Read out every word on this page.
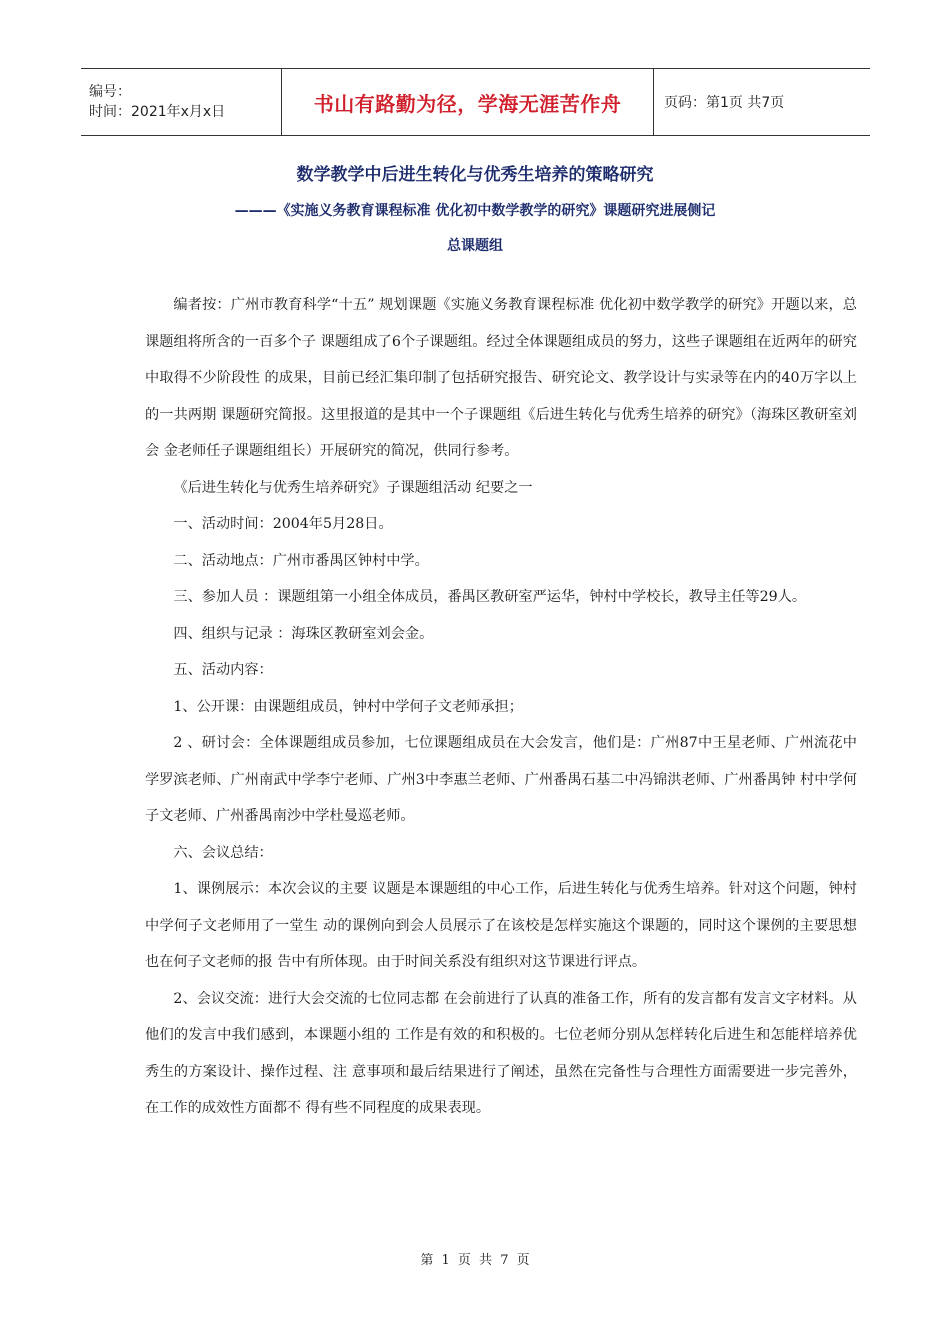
编号：
时间：2021年x月x日	书山有路勤为径，学海无涯苦作舟	页码：第1页 共7页
数学教学中后进生转化与优秀生培养的策略研究
———《实施义务教育课程标准 优化初中数学教学的研究》课题研究进展侧记
总课题组

编者按：广州市教育科学“十五” 规划课题《实施义务教育课程标准 优化初中数学教学的研究》开题以来，总课题组将所含的一百多个子 课题组成了6个子课题组。经过全体课题组成员的努力，这些子课题组在近两年的研究中取得不少阶段性 的成果，目前已经汇集印制了包括研究报告、研究论文、教学设计与实录等在内的40万字以上的一共两期 课题研究简报。这里报道的是其中一个子课题组《后进生转化与优秀生培养的研究》（海珠区教研室刘会 金老师任子课题组组长）开展研究的简况，供同行参考。

《后进生转化与优秀生培养研究》子课题组活动 纪要之一

一、活动时间：2004年5月28日。

二、活动地点：广州市番禺区钟村中学。

三、参加人员 ：课题组第一小组全体成员，番禺区教研室严运华，钟村中学校长，教导主任等29人。

四、组织与记录 ：海珠区教研室刘会金。

五、活动内容：

1、公开课：由课题组成员，钟村中学何子文老师承担；

2 、研讨会：全体课题组成员参加，七位课题组成员在大会发言，他们是：广州87中王星老师、广州流花中 学罗滨老师、广州南武中学李宁老师、广州3中李惠兰老师、广州番禺石基二中冯锦洪老师、广州番禺钟 村中学何子文老师、广州番禺南沙中学杜曼巡老师。

六、会议总结：

1、课例展示：本次会议的主要 议题是本课题组的中心工作，后进生转化与优秀生培养。针对这个问题，钟村中学何子文老师用了一堂生 动的课例向到会人员展示了在该校是怎样实施这个课题的，同时这个课例的主要思想也在何子文老师的报 告中有所体现。由于时间关系没有组织对这节课进行评点。

2、会议交流：进行大会交流的七位同志都 在会前进行了认真的准备工作，所有的发言都有发言文字材料。从他们的发言中我们感到，本课题小组的 工作是有效的和积极的。七位老师分别从怎样转化后进生和怎能样培养优秀生的方案设计、操作过程、注 意事项和最后结果进行了阐述，虽然在完备性与合理性方面需要进一步完善外，在工作的成效性方面都不 得有些不同程度的成果表现。

第 1 页 共 7 页
